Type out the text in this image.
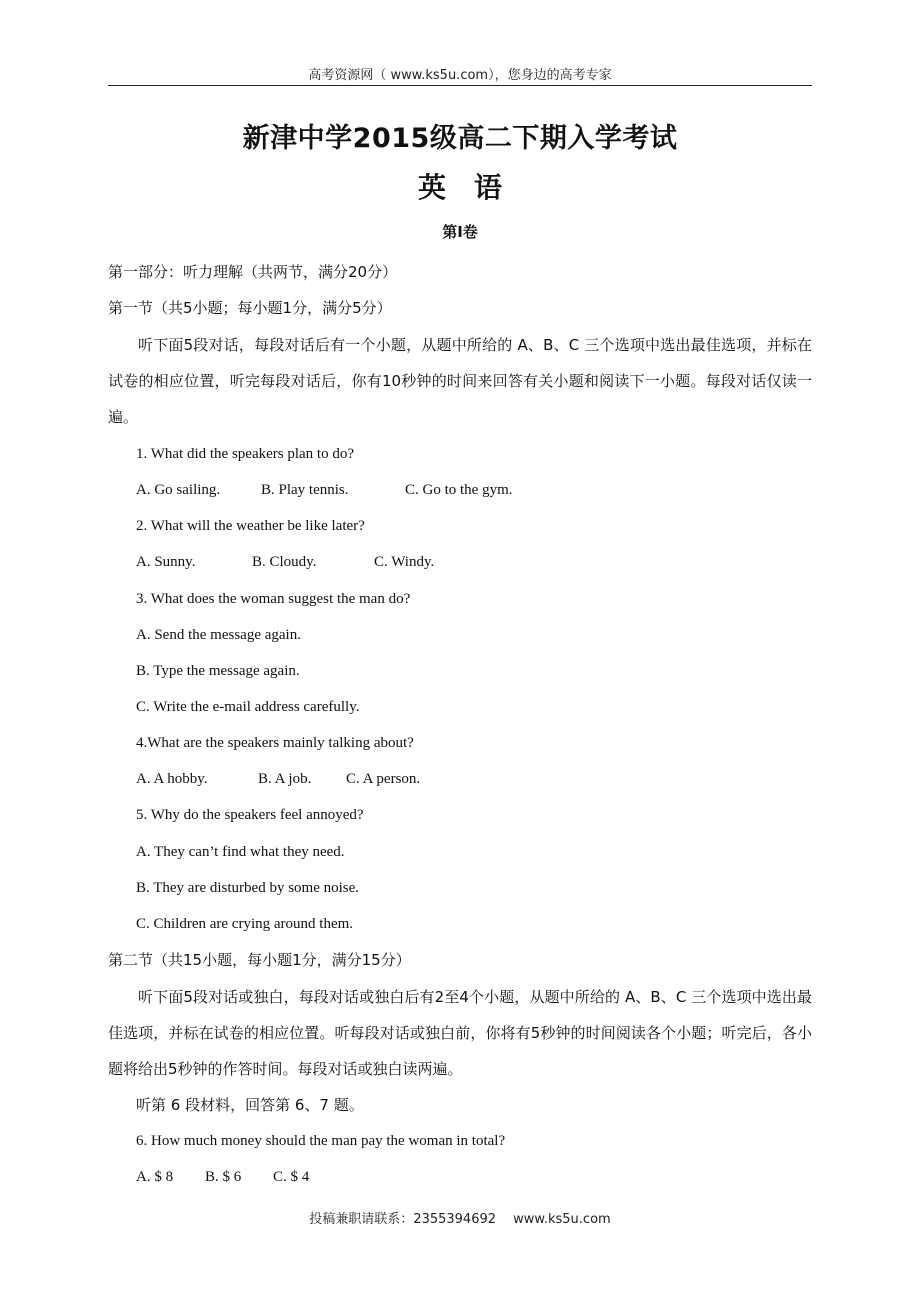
高考资源网（ www.ks5u.com），您身边的高考专家
新津中学2015级高二下期入学考试
英　语
第Ⅰ卷
第一部分：听力理解（共两节，满分20分）
第一节（共5小题；每小题1分，满分5分）
听下面5段对话，每段对话后有一个小题，从题中所给的 A、B、C 三个选项中选出最佳选项，并标在试卷的相应位置，听完每段对话后，你有10秒钟的时间来回答有关小题和阅读下一小题。每段对话仅读一遍。
1. What did the speakers plan to do?
A. Go sailing.	B. Play tennis.	C. Go to the gym.
2. What will the weather be like later?
A. Sunny.	B. Cloudy.	C. Windy.
3. What does the woman suggest the man do?
A. Send the message again.
B. Type the message again.
C. Write the e-mail address carefully.
4.What are the speakers mainly talking about?
A. A hobby.	B. A job. C. A person.
5. Why do the speakers feel annoyed?
A. They can’t find what they need.
B. They are disturbed by some noise.
C. Children are crying around them.
第二节（共15小题，每小题1分，满分15分）
听下面5段对话或独白，每段对话或独白后有2至4个小题，从题中所给的 A、B、C 三个选项中选出最佳选项，并标在试卷的相应位置。听每段对话或独白前，你将有5秒钟的时间阅读各个小题；听完后，各小题将给出5秒钟的作答时间。每段对话或独白读两遍。
听第 6 段材料，回答第 6、7 题。
6. How much money should the man pay the woman in total?
A. $ 8 B. $ 6 C. $ 4
投稿兼职请联系：2355394692　 www.ks5u.com
